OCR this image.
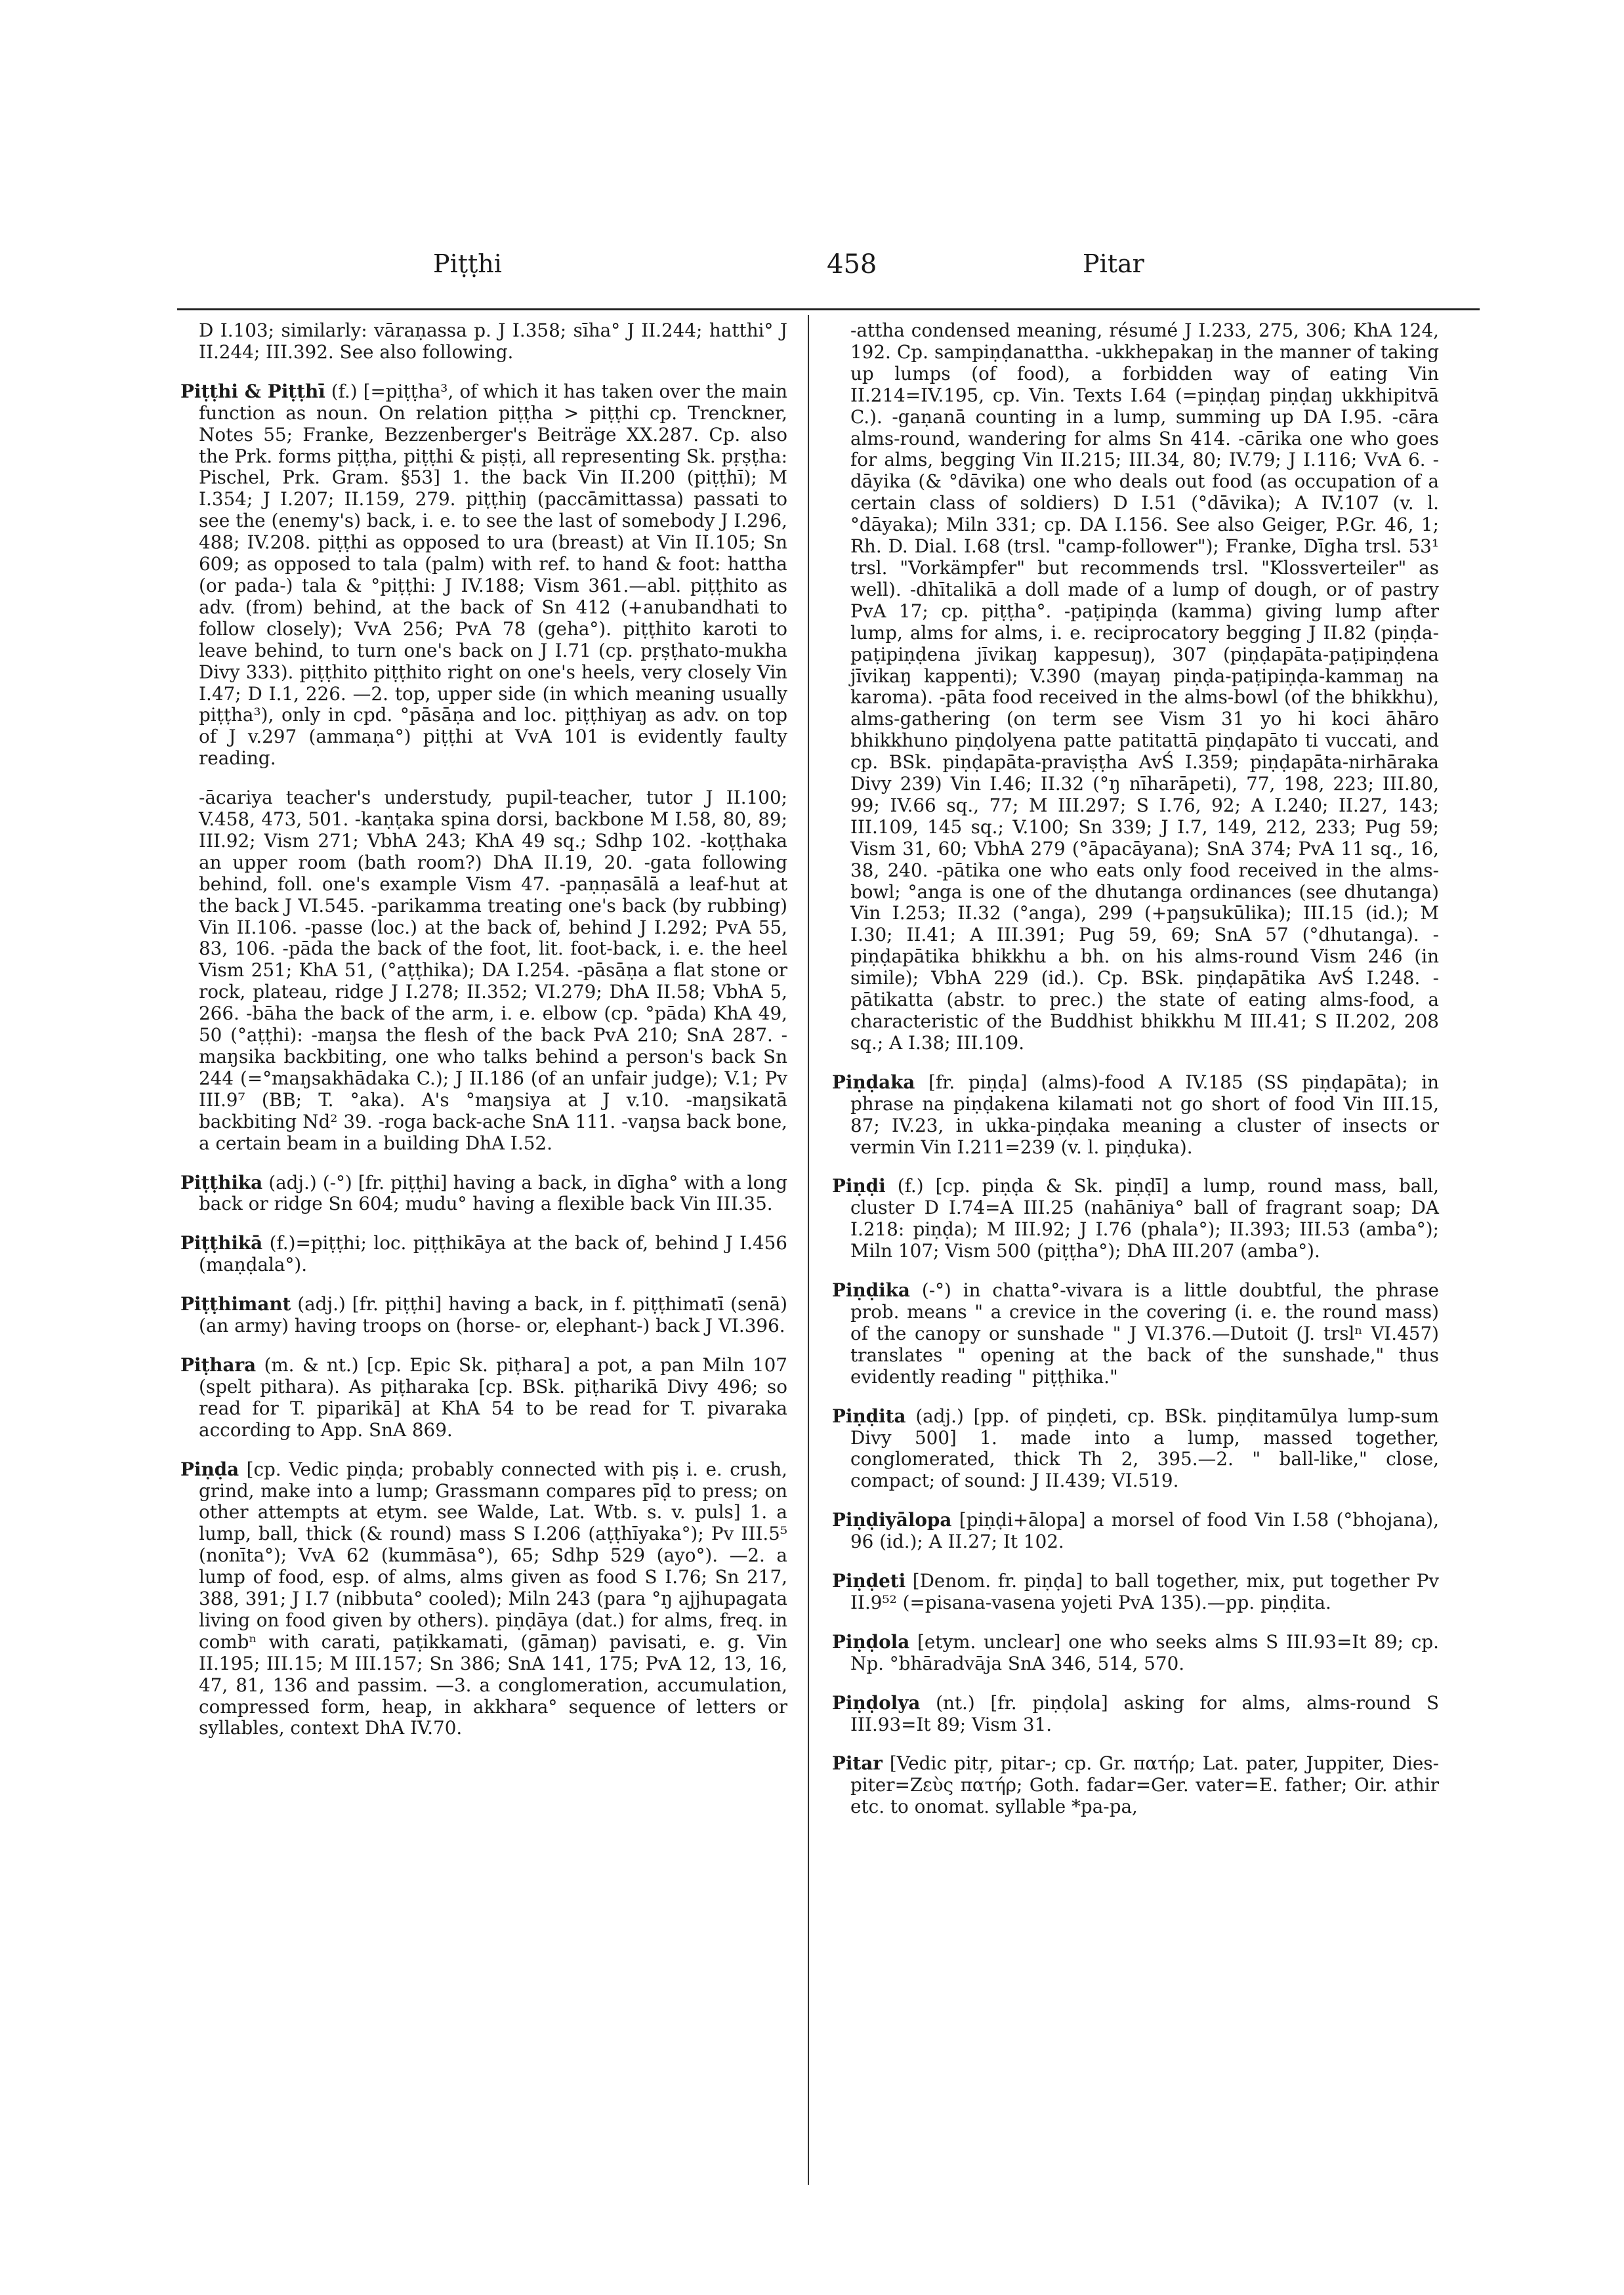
Piṭṭhi	458	Pitar

D I.103; similarly: vāraṇassa p. J I.358; sīha° J II.244; hatthi° J II.244; III.392. See also following.

Piṭṭhi & Piṭṭhī (f.) [=piṭṭha³, of which it has taken over the main function as noun. On relation piṭṭha > piṭṭhi cp. Trenckner, Notes 55; Franke, Bezzenberger's Beiträge XX.287. Cp. also the Prk. forms piṭṭha, piṭṭhi & piṣṭi, all representing Sk. pṛṣṭha: Pischel, Prk. Gram. §53] 1. the back Vin II.200 (piṭṭhī); M I.354; J I.207; II.159, 279. piṭṭhiŋ (paccāmittassa) passati to see the (enemy's) back, i. e. to see the last of somebody J I.296, 488; IV.208. piṭṭhi as opposed to ura (breast) at Vin II.105; Sn 609; as opposed to tala (palm) with ref. to hand & foot: hattha (or pada-) tala & °piṭṭhi: J IV.188; Vism 361.—abl. piṭṭhito as adv. (from) behind, at the back of Sn 412 (+anubandhati to follow closely); VvA 256; PvA 78 (geha°). piṭṭhito karoti to leave behind, to turn one's back on J I.71 (cp. pṛṣṭhato-mukha Divy 333). piṭṭhito piṭṭhito right on one's heels, very closely Vin I.47; D I.1, 226. —2. top, upper side (in which meaning usually piṭṭha³), only in cpd. °pāsāṇa and loc. piṭṭhiyaŋ as adv. on top of J v.297 (ammaṇa°) piṭṭhi at VvA 101 is evidently faulty reading.

-ācariya teacher's understudy, pupil-teacher, tutor J II.100; V.458, 473, 501. -kaṇṭaka spina dorsi, backbone M I.58, 80, 89; III.92; Vism 271; VbhA 243; KhA 49 sq.; Sdhp 102. -koṭṭhaka an upper room (bath room?) DhA II.19, 20. -gata following behind, foll. one's example Vism 47. -paṇṇasālā a leaf-hut at the back J VI.545. -parikamma treating one's back (by rubbing) Vin II.106. -passe (loc.) at the back of, behind J I.292; PvA 55, 83, 106. -pāda the back of the foot, lit. foot-back, i. e. the heel Vism 251; KhA 51, (°aṭṭhika); DA I.254. -pāsāṇa a flat stone or rock, plateau, ridge J I.278; II.352; VI.279; DhA II.58; VbhA 5, 266. -bāha the back of the arm, i. e. elbow (cp. °pāda) KhA 49, 50 (°aṭṭhi): -maŋsa the flesh of the back PvA 210; SnA 287. -maŋsika backbiting, one who talks behind a person's back Sn 244 (=°maŋsakhādaka C.); J II.186 (of an unfair judge); V.1; Pv III.9⁷ (BB; T. °aka). A's °maŋsiya at J v.10. -maŋsikatā backbiting Nd² 39. -roga back-ache SnA 111. -vaŋsa back bone, a certain beam in a building DhA I.52.

Piṭṭhika (adj.) (-°) [fr. piṭṭhi] having a back, in dīgha° with a long back or ridge Sn 604; mudu° having a flexible back Vin III.35.

Piṭṭhikā (f.)=piṭṭhi; loc. piṭṭhikāya at the back of, behind J I.456 (maṇḍala°).

Piṭṭhimant (adj.) [fr. piṭṭhi] having a back, in f. piṭṭhimatī (senā) (an army) having troops on (horse- or, elephant-) back J VI.396.

Piṭhara (m. & nt.) [cp. Epic Sk. piṭhara] a pot, a pan Miln 107 (spelt pithara). As piṭharaka [cp. BSk. piṭharikā Divy 496; so read for T. piparikā] at KhA 54 to be read for T. pivaraka according to App. SnA 869.

Piṇḍa [cp. Vedic piṇḍa; probably connected with piṣ i. e. crush, grind, make into a lump; Grassmann compares pīḍ to press; on other attempts at etym. see Walde, Lat. Wtb. s. v. puls] 1. a lump, ball, thick (& round) mass S I.206 (aṭṭhīyaka°); Pv III.5⁵ (nonīta°); VvA 62 (kummāsa°), 65; Sdhp 529 (ayo°). —2. a lump of food, esp. of alms, alms given as food S I.76; Sn 217, 388, 391; J I.7 (nibbuta° cooled); Miln 243 (para °ŋ ajjhupagata living on food given by others). piṇḍāya (dat.) for alms, freq. in combⁿ with carati, paṭikkamati, (gāmaŋ) pavisati, e. g. Vin II.195; III.15; M III.157; Sn 386; SnA 141, 175; PvA 12, 13, 16, 47, 81, 136 and passim. —3. a conglomeration, accumulation, compressed form, heap, in akkhara° sequence of letters or syllables, context DhA IV.70.

-attha condensed meaning, résumé J I.233, 275, 306; KhA 124, 192. Cp. sampiṇḍanattha. -ukkhepakaŋ in the manner of taking up lumps (of food), a forbidden way of eating Vin II.214=IV.195, cp. Vin. Texts I.64 (=piṇḍaŋ piṇḍaŋ ukkhipitvā C.). -gaṇanā counting in a lump, summing up DA I.95. -cāra alms-round, wandering for alms Sn 414. -cārika one who goes for alms, begging Vin II.215; III.34, 80; IV.79; J I.116; VvA 6. -dāyika (& °dāvika) one who deals out food (as occupation of a certain class of soldiers) D I.51 (°dāvika); A IV.107 (v. l. °dāyaka); Miln 331; cp. DA I.156. See also Geiger, P.Gr. 46, 1; Rh. D. Dial. I.68 (trsl. "camp-follower"); Franke, Dīgha trsl. 53¹ trsl. "Vorkämpfer" but recommends trsl. "Klossverteiler" as well). -dhītalikā a doll made of a lump of dough, or of pastry PvA 17; cp. piṭṭha°. -paṭipiṇḍa (kamma) giving lump after lump, alms for alms, i. e. reciprocatory begging J II.82 (piṇḍa-paṭipiṇḍena jīvikaŋ kappesuŋ), 307 (piṇḍapāta-paṭipiṇḍena jīvikaŋ kappenti); V.390 (mayaŋ piṇḍa-paṭipiṇḍa-kammaŋ na karoma). -pāta food received in the alms-bowl (of the bhikkhu), alms-gathering (on term see Vism 31 yo hi koci āhāro bhikkhuno piṇḍolyena patte patitattā piṇḍapāto ti vuccati, and cp. BSk. piṇḍapāta-praviṣṭha AvŚ I.359; piṇḍapāta-nirhāraka Divy 239) Vin I.46; II.32 (°ŋ nīharāpeti), 77, 198, 223; III.80, 99; IV.66 sq., 77; M III.297; S I.76, 92; A I.240; II.27, 143; III.109, 145 sq.; V.100; Sn 339; J I.7, 149, 212, 233; Pug 59; Vism 31, 60; VbhA 279 (°āpacāyana); SnA 374; PvA 11 sq., 16, 38, 240. -pātika one who eats only food received in the alms-bowl; °anga is one of the dhutanga ordinances (see dhutanga) Vin I.253; II.32 (°anga), 299 (+paŋsukūlika); III.15 (id.); M I.30; II.41; A III.391; Pug 59, 69; SnA 57 (°dhutanga). -piṇḍapātika bhikkhu a bh. on his alms-round Vism 246 (in simile); VbhA 229 (id.). Cp. BSk. piṇḍapātika AvŚ I.248. -pātikatta (abstr. to prec.) the state of eating alms-food, a characteristic of the Buddhist bhikkhu M III.41; S II.202, 208 sq.; A I.38; III.109.

Piṇḍaka [fr. piṇḍa] (alms)-food A IV.185 (SS piṇḍapāta); in phrase na piṇḍakena kilamati not go short of food Vin III.15, 87; IV.23, in ukka-piṇḍaka meaning a cluster of insects or vermin Vin I.211=239 (v. l. piṇḍuka).

Piṇḍi (f.) [cp. piṇḍa & Sk. piṇḍī] a lump, round mass, ball, cluster D I.74=A III.25 (nahāniya° ball of fragrant soap; DA I.218: piṇḍa); M III.92; J I.76 (phala°); II.393; III.53 (amba°); Miln 107; Vism 500 (piṭṭha°); DhA III.207 (amba°).

Piṇḍika (-°) in chatta°-vivara is a little doubtful, the phrase prob. means " a crevice in the covering (i. e. the round mass) of the canopy or sunshade " J VI.376.—Dutoit (J. trslⁿ VI.457) translates " opening at the back of the sunshade," thus evidently reading " piṭṭhika."

Piṇḍita (adj.) [pp. of piṇḍeti, cp. BSk. piṇḍitamūlya lump-sum Divy 500] 1. made into a lump, massed together, conglomerated, thick Th 2, 395.—2. " ball-like," close, compact; of sound: J II.439; VI.519.

Piṇḍiyālopa [piṇḍi+ālopa] a morsel of food Vin I.58 (°bhojana), 96 (id.); A II.27; It 102.

Piṇḍeti [Denom. fr. piṇḍa] to ball together, mix, put together Pv II.9⁵² (=pisana-vasena yojeti PvA 135).—pp. piṇḍita.

Piṇḍola [etym. unclear] one who seeks alms S III.93=It 89; cp. Np. °bhāradvāja SnA 346, 514, 570.

Piṇḍolya (nt.) [fr. piṇḍola] asking for alms, alms-round S III.93=It 89; Vism 31.

Pitar [Vedic pitṛ, pitar-; cp. Gr. πατήρ; Lat. pater, Juppiter, Dies-piter=Ζεὺς πατήρ; Goth. fadar=Ger. vater=E. father; Oir. athir etc. to onomat. syllable *pa-pa,
